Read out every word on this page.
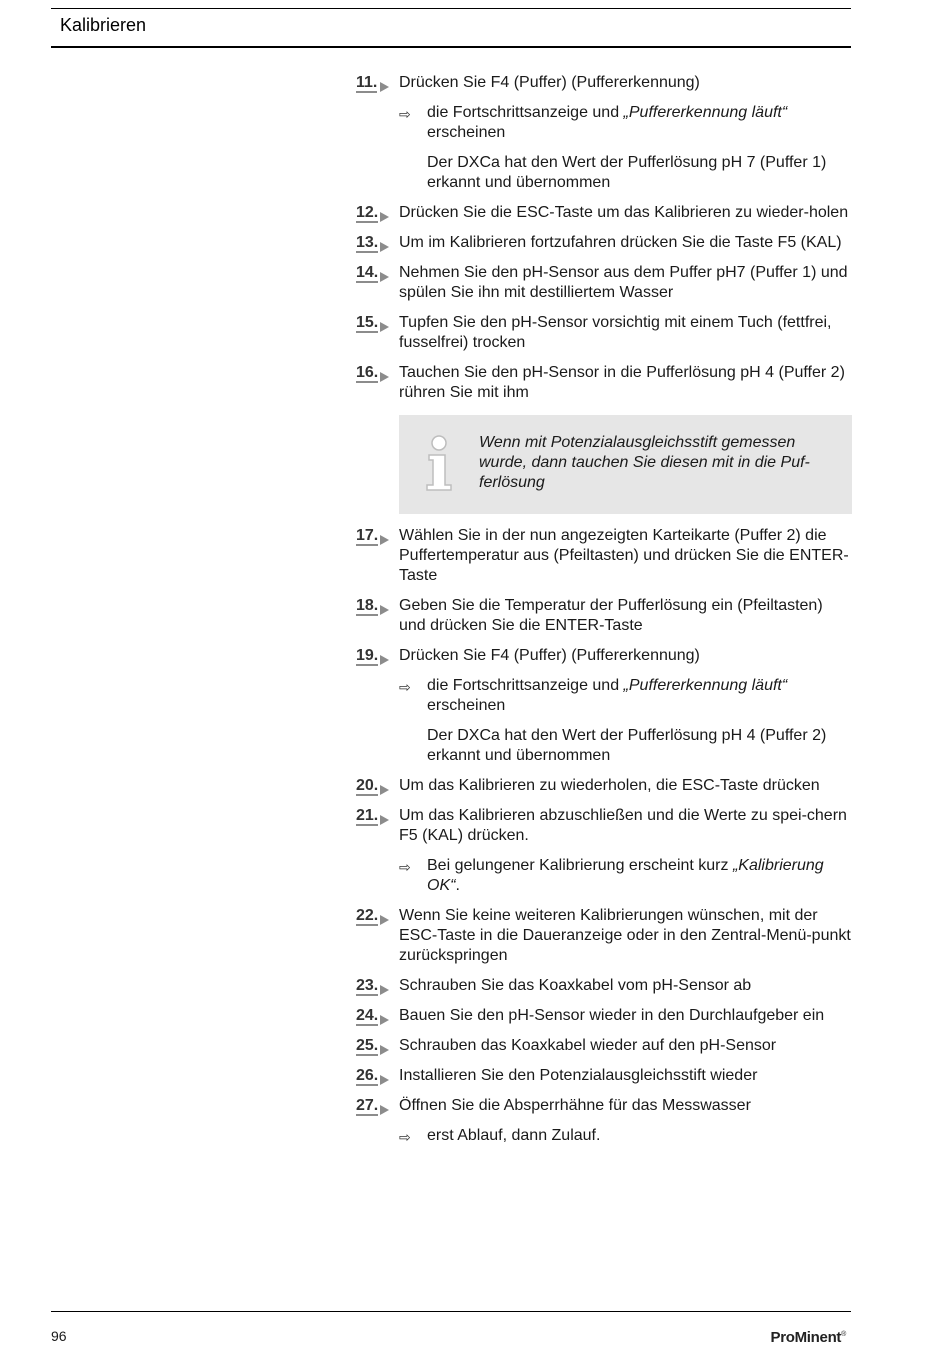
Kalibrieren
11. Drücken Sie F4 (Puffer) (Puffererkennung)
⇨ die Fortschrittsanzeige und „Puffererkennung läuft“ erscheinen
Der DXCa hat den Wert der Pufferlösung pH 7 (Puffer 1) erkannt und übernommen
12. Drücken Sie die ESC-Taste um das Kalibrieren zu wieder-holen
13. Um im Kalibrieren fortzufahren drücken Sie die Taste F5 (KAL)
14. Nehmen Sie den pH-Sensor aus dem Puffer pH7 (Puffer 1) und spülen Sie ihn mit destilliertem Wasser
15. Tupfen Sie den pH-Sensor vorsichtig mit einem Tuch (fettfrei, fusselfrei) trocken
16. Tauchen Sie den pH-Sensor in die Pufferlösung pH 4 (Puffer 2) rühren Sie mit ihm
Wenn mit Potenzialausgleichsstift gemessen wurde, dann tauchen Sie diesen mit in die Puf-ferlösung
17. Wählen Sie in der nun angezeigten Karteikarte (Puffer 2) die Puffertemperatur aus (Pfeiltasten) und drücken Sie die ENTER-Taste
18. Geben Sie die Temperatur der Pufferlösung ein (Pfeiltasten) und drücken Sie die ENTER-Taste
19. Drücken Sie F4 (Puffer) (Puffererkennung)
⇨ die Fortschrittsanzeige und „Puffererkennung läuft“ erscheinen
Der DXCa hat den Wert der Pufferlösung pH 4 (Puffer 2) erkannt und übernommen
20. Um das Kalibrieren zu wiederholen, die ESC-Taste drücken
21. Um das Kalibrieren abzuschließen und die Werte zu spei-chern F5 (KAL) drücken.
⇨ Bei gelungener Kalibrierung erscheint kurz „Kalibrierung OK“.
22. Wenn Sie keine weiteren Kalibrierungen wünschen, mit der ESC-Taste in die Daueranzeige oder in den Zentral-Menü-punkt zurückspringen
23. Schrauben Sie das Koaxkabel vom pH-Sensor ab
24. Bauen Sie den pH-Sensor wieder in den Durchlaufgeber ein
25. Schrauben das Koaxkabel wieder auf den pH-Sensor
26. Installieren Sie den Potenzialausgleichsstift wieder
27. Öffnen Sie die Absperrhähne für das Messwasser
⇨ erst Ablauf, dann Zulauf.
96	ProMinent®
